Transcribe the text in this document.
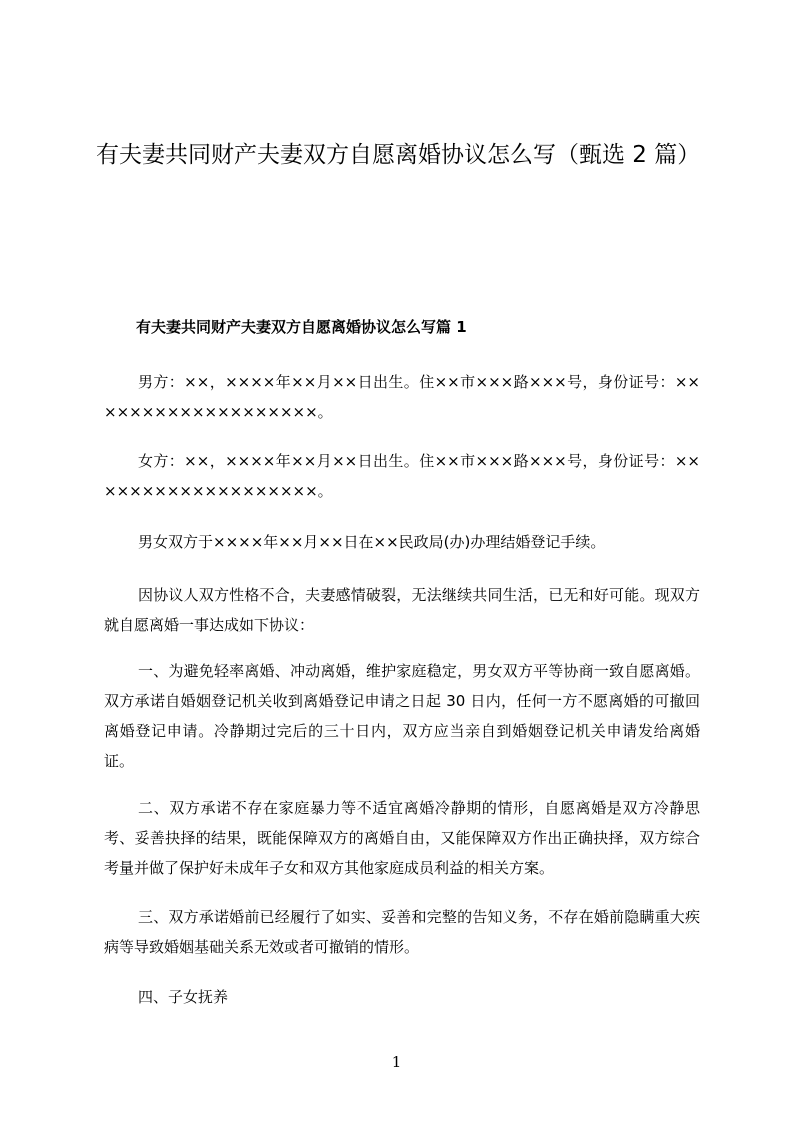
有夫妻共同财产夫妻双方自愿离婚协议怎么写（甄选 2 篇）
有夫妻共同财产夫妻双方自愿离婚协议怎么写篇 1

男方：××，××××年××月××日出生。住××市×××路×××号，身份证号：×××××××××××××××××××。

女方：××，××××年××月××日出生。住××市×××路×××号，身份证号：×××××××××××××××××××。

男女双方于××××年××月××日在××民政局(办)办理结婚登记手续。

因协议人双方性格不合，夫妻感情破裂，无法继续共同生活，已无和好可能。现双方就自愿离婚一事达成如下协议：

一、为避免轻率离婚、冲动离婚，维护家庭稳定，男女双方平等协商一致自愿离婚。双方承诺自婚姻登记机关收到离婚登记申请之日起 30 日内，任何一方不愿离婚的可撤回离婚登记申请。冷静期过完后的三十日内，双方应当亲自到婚姻登记机关申请发给离婚证。

二、双方承诺不存在家庭暴力等不适宜离婚冷静期的情形，自愿离婚是双方冷静思考、妥善抉择的结果，既能保障双方的离婚自由，又能保障双方作出正确抉择，双方综合考量并做了保护好未成年子女和双方其他家庭成员利益的相关方案。

三、双方承诺婚前已经履行了如实、妥善和完整的告知义务，不存在婚前隐瞒重大疾病等导致婚姻基础关系无效或者可撤销的情形。

四、子女抚养

1
